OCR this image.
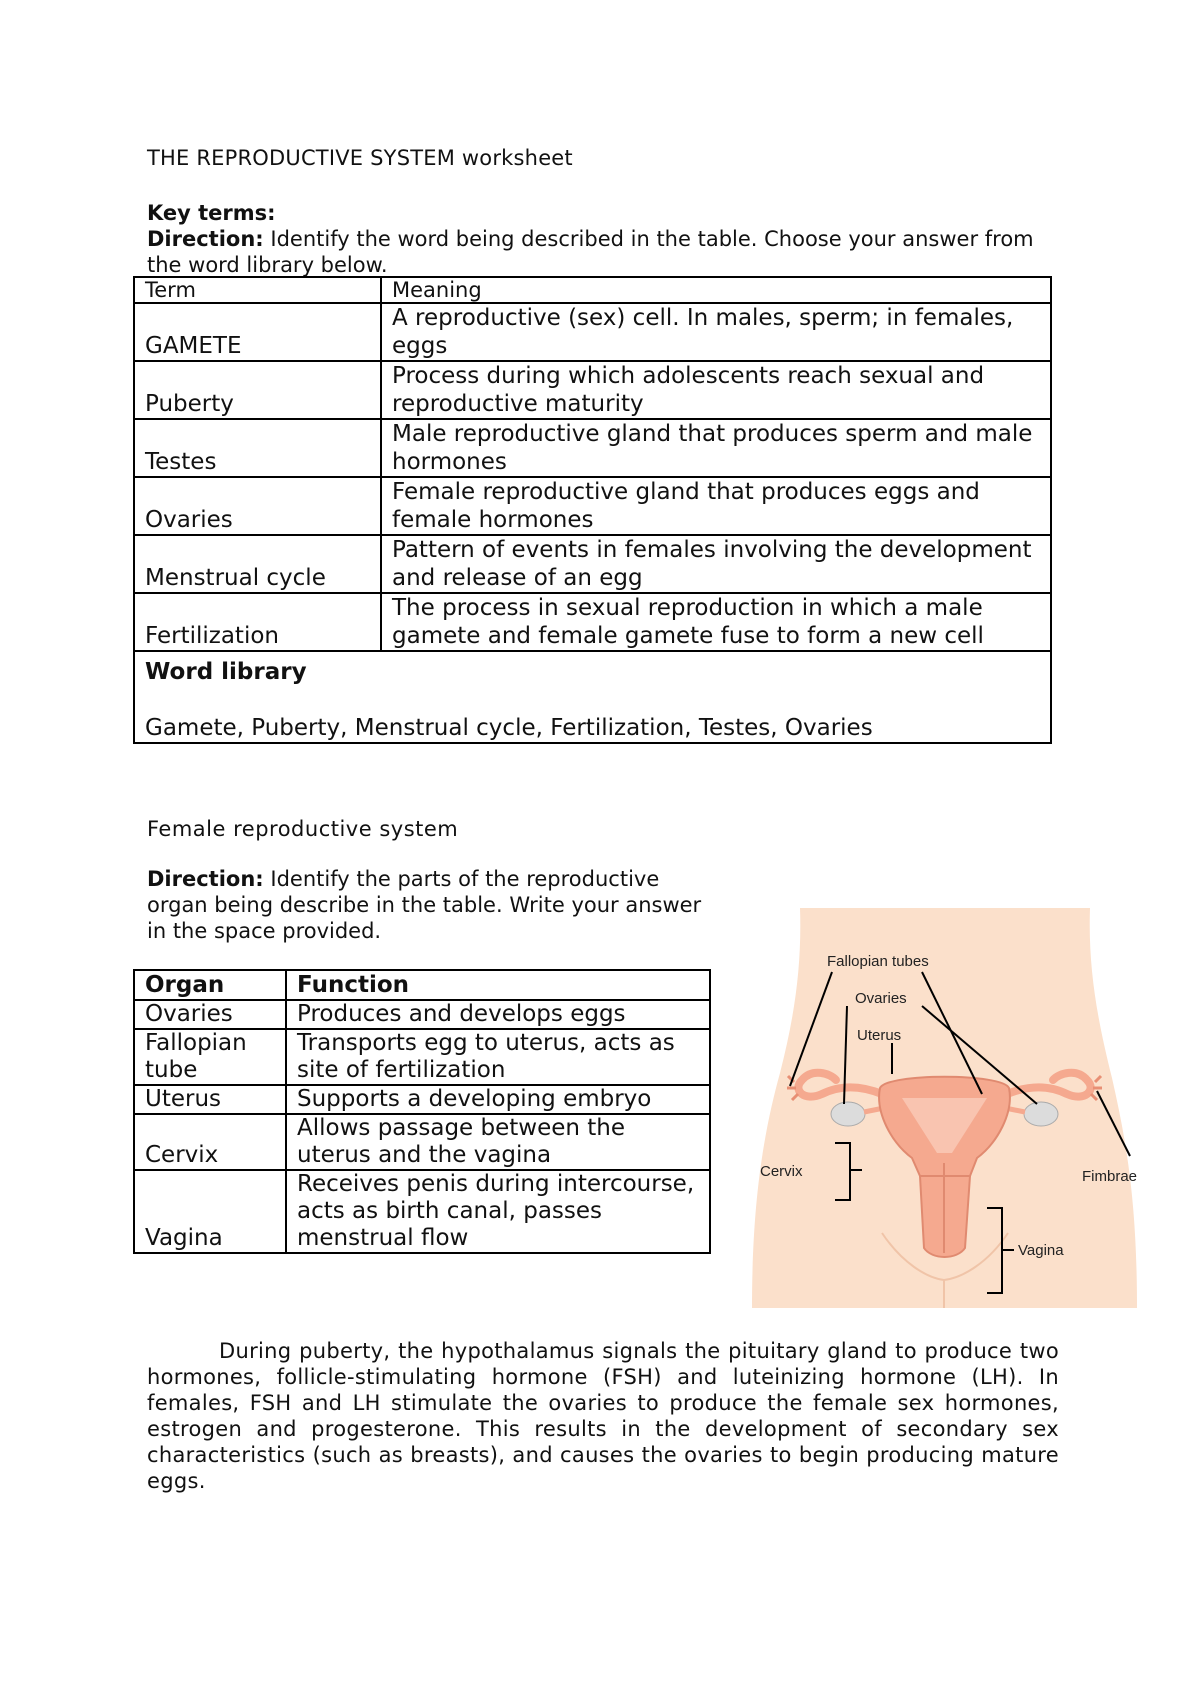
THE REPRODUCTIVE SYSTEM worksheet
Key terms:
Direction: Identify the word being described in the table. Choose your answer from the word library below.
Term	Meaning
GAMETE	A reproductive (sex) cell. In males, sperm; in females, eggs
Puberty	Process during which adolescents reach sexual and reproductive maturity
Testes	Male reproductive gland that produces sperm and male hormones
Ovaries	Female reproductive gland that produces eggs and female hormones
Menstrual cycle	Pattern of events in females involving the development and release of an egg
Fertilization	The process in sexual reproduction in which a male gamete and female gamete fuse to form a new cell

Word library
Gamete, Puberty, Menstrual cycle, Fertilization, Testes, Ovaries	
Female reproductive system
Direction: Identify the parts of the reproductive organ being describe in the table. Write your answer in the space provided.
Organ	Function
Ovaries	Produces and develops eggs
Fallopian tube	Transports egg to uterus, acts as site of fertilization
Uterus	Supports a developing embryo
Cervix	Allows passage between the uterus and the vagina
Vagina	Receives penis during intercourse, acts as birth canal, passes menstrual flow
Fallopian tubes
Ovaries
Uterus
Cervix	Fimbrae
Vagina
During puberty, the hypothalamus signals the pituitary gland to produce two hormones, follicle-stimulating hormone (FSH) and luteinizing hormone (LH). In females, FSH and LH stimulate the ovaries to produce the female sex hormones, estrogen and progesterone. This results in the development of secondary sex characteristics (such as breasts), and causes the ovaries to begin producing mature eggs.
